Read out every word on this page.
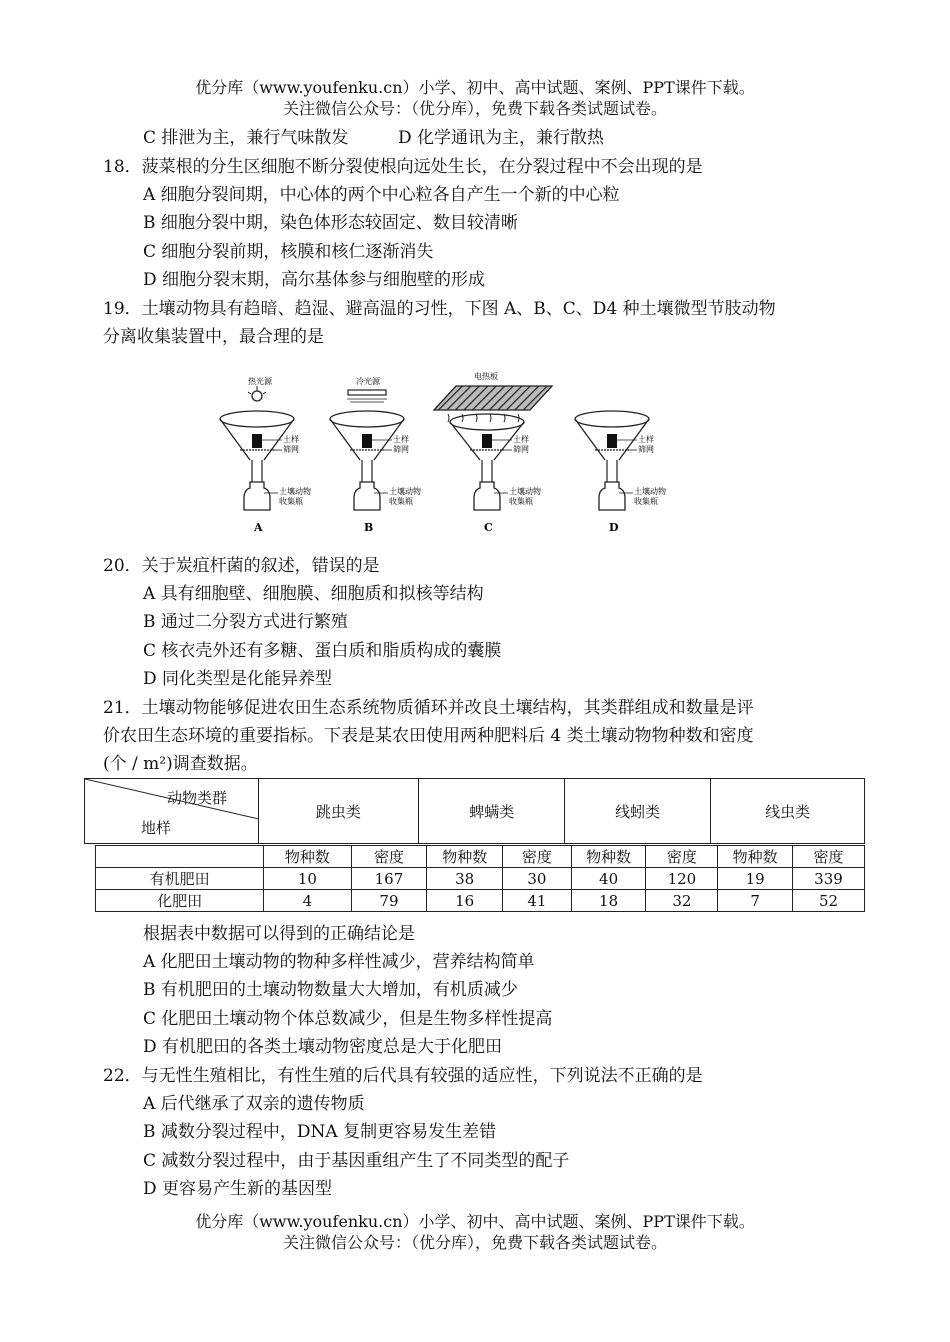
优分库（www.youfenku.cn）小学、初中、高中试题、案例、PPT课件下载。
关注微信公众号：（优分库），免费下载各类试题试卷。
C 排泄为主，兼行气味散发	D 化学通讯为主，兼行散热
18．菠菜根的分生区细胞不断分裂使根向远处生长，在分裂过程中不会出现的是
A 细胞分裂间期，中心体的两个中心粒各自产生一个新的中心粒
B 细胞分裂中期，染色体形态较固定、数目较清晰
C 细胞分裂前期，核膜和核仁逐渐消失
D 细胞分裂末期，高尔基体参与细胞壁的形成
19．土壤动物具有趋暗、趋湿、避高温的习性，下图 A、B、C、D4 种土壤微型节肢动物
分离收集装置中，最合理的是
热光源
土样
筛网
土壤动物
收集瓶
A
冷光源
土样
筛网
土壤动物
收集瓶
B
电热板
土样
筛网
土壤动物
收集瓶
C
土样
筛网
土壤动物
收集瓶
D
20．关于炭疽杆菌的叙述，错误的是
A 具有细胞壁、细胞膜、细胞质和拟核等结构
B 通过二分裂方式进行繁殖
C 核衣壳外还有多糖、蛋白质和脂质构成的囊膜
D 同化类型是化能异养型
21．土壤动物能够促进农田生态系统物质循环并改良土壤结构，其类群组成和数量是评
价农田生态环境的重要指标。下表是某农田使用两种肥料后 4 类土壤动物物种数和密度
(个 / m²)调查数据。
动物类群
地样
	跳虫类	蜱螨类	线蚓类	线虫类
	物种数	密度	物种数	密度	物种数	密度	物种数	密度
有机肥田	10	167	38	30	40	120	19	339
化肥田	4	79	16	41	18	32	7	52
根据表中数据可以得到的正确结论是
A 化肥田土壤动物的物种多样性减少，营养结构简单
B 有机肥田的土壤动物数量大大增加，有机质减少
C 化肥田土壤动物个体总数减少，但是生物多样性提高
D 有机肥田的各类土壤动物密度总是大于化肥田
22．与无性生殖相比，有性生殖的后代具有较强的适应性，下列说法不正确的是
A 后代继承了双亲的遗传物质
B 减数分裂过程中，DNA 复制更容易发生差错
C 减数分裂过程中，由于基因重组产生了不同类型的配子
D 更容易产生新的基因型
优分库（www.youfenku.cn）小学、初中、高中试题、案例、PPT课件下载。
关注微信公众号：（优分库），免费下载各类试题试卷。
